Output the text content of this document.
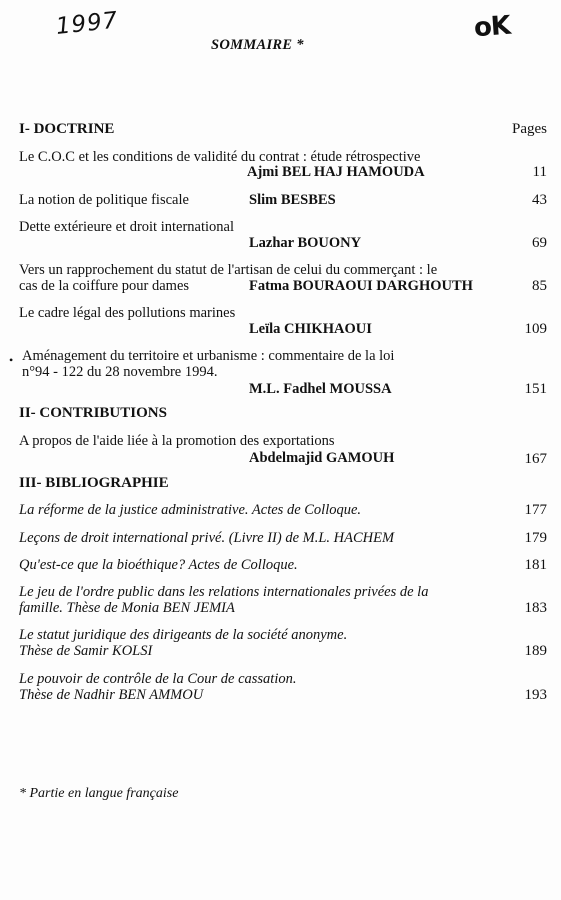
1997	oK
SOMMAIRE *
I- DOCTRINE	Pages
Le C.O.C et les conditions de validité du contrat : étude rétrospective
Ajmi BEL HAJ HAMOUDA	11
La notion de politique fiscale	Slim BESBES	43
Dette extérieure et droit international
Lazhar BOUONY	69
Vers un rapprochement du statut de l'artisan de celui du commerçant : le
cas de la coiffure pour dames	Fatma BOURAOUI DARGHOUTH	85
Le cadre légal des pollutions marines
Leïla CHIKHAOUI	109
• Aménagement du territoire et urbanisme : commentaire de la loi
n°94 - 122 du 28 novembre 1994.
M.L. Fadhel MOUSSA	151
II- CONTRIBUTIONS
A propos de l'aide liée à la promotion des exportations
Abdelmajid GAMOUH	167
III- BIBLIOGRAPHIE
La réforme de la justice administrative. Actes de Colloque.	177
Leçons de droit international privé. (Livre II) de M.L. HACHEM	179
Qu'est-ce que la bioéthique? Actes de Colloque.	181
Le jeu de l'ordre public dans les relations internationales privées de la
famille. Thèse de Monia BEN JEMIA	183
Le statut juridique des dirigeants de la société anonyme.
Thèse de Samir KOLSI	189
Le pouvoir de contrôle de la Cour de cassation.
Thèse de Nadhir BEN AMMOU	193
* Partie en langue française
